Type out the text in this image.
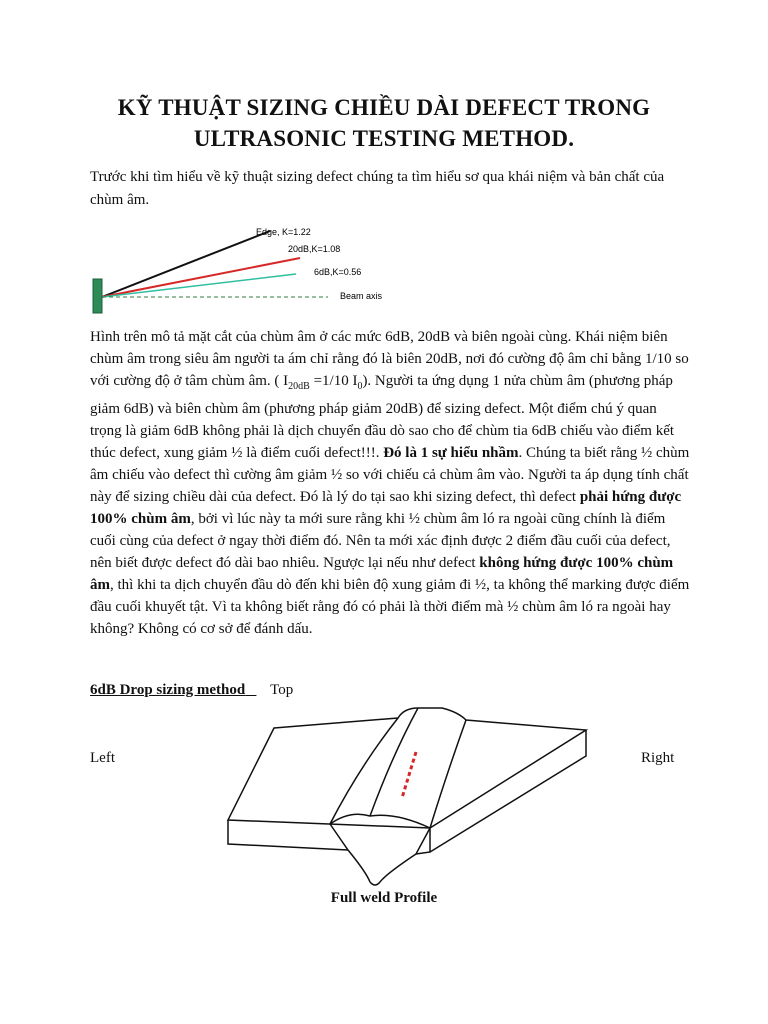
KỸ THUẬT SIZING CHIỀU DÀI DEFECT TRONG
ULTRASONIC TESTING METHOD.
Trước khi tìm hiểu về kỹ thuật sizing defect chúng ta tìm hiểu sơ qua khái niệm và bản chất của chùm âm.
Edge, K=1.22
20dB,K=1.08
6dB,K=0.56
Beam axis

Hình trên mô tả mặt cắt của chùm âm ở các mức 6dB, 20dB và biên ngoài cùng. Khái niệm biên chùm âm trong siêu âm người ta ám chỉ rằng đó là biên 20dB, nơi đó cường độ âm chỉ bằng 1/10 so với cường độ ở tâm chùm âm. ( $I_{20dB} =1/10$ $I_0$). Người ta ứng dụng 1 nửa chùm âm (phương pháp giảm 6dB) và biên chùm âm (phương pháp giảm 20dB) để sizing defect. Một điểm chú ý quan trọng là giảm 6dB không phải là dịch chuyển đầu dò sao cho để chùm tia 6dB chiếu vào điểm kết thúc defect, xung giảm ½ là điểm cuối defect!!!. Đó là 1 sự hiểu nhầm. Chúng ta biết rằng ½ chùm âm chiếu vào defect thì cường âm giảm ½ so với chiếu cả chùm âm vào. Người ta áp dụng tính chất này để sizing chiều dài của defect. Đó là lý do tại sao khi sizing defect, thì defect phải hứng được 100% chùm âm, bởi vì lúc này ta mới sure rằng khi ½ chùm âm ló ra ngoài cũng chính là điểm cuối cùng của defect ở ngay thời điểm đó. Nên ta mới xác định được 2 điểm đầu cuối của defect, nên biết được defect đó dài bao nhiêu. Ngược lại nếu như defect không hứng được 100% chùm âm, thì khi ta dịch chuyển đầu dò đến khi biên độ xung giảm đi ½, ta không thể marking được điểm đầu cuối khuyết tật. Vì ta không biết rằng đó có phải là thời điểm mà ½ chùm âm ló ra ngoài hay không? Không có cơ sở để đánh dấu.

6dB Drop sizing method Top
Left	Right
Full weld Profile
